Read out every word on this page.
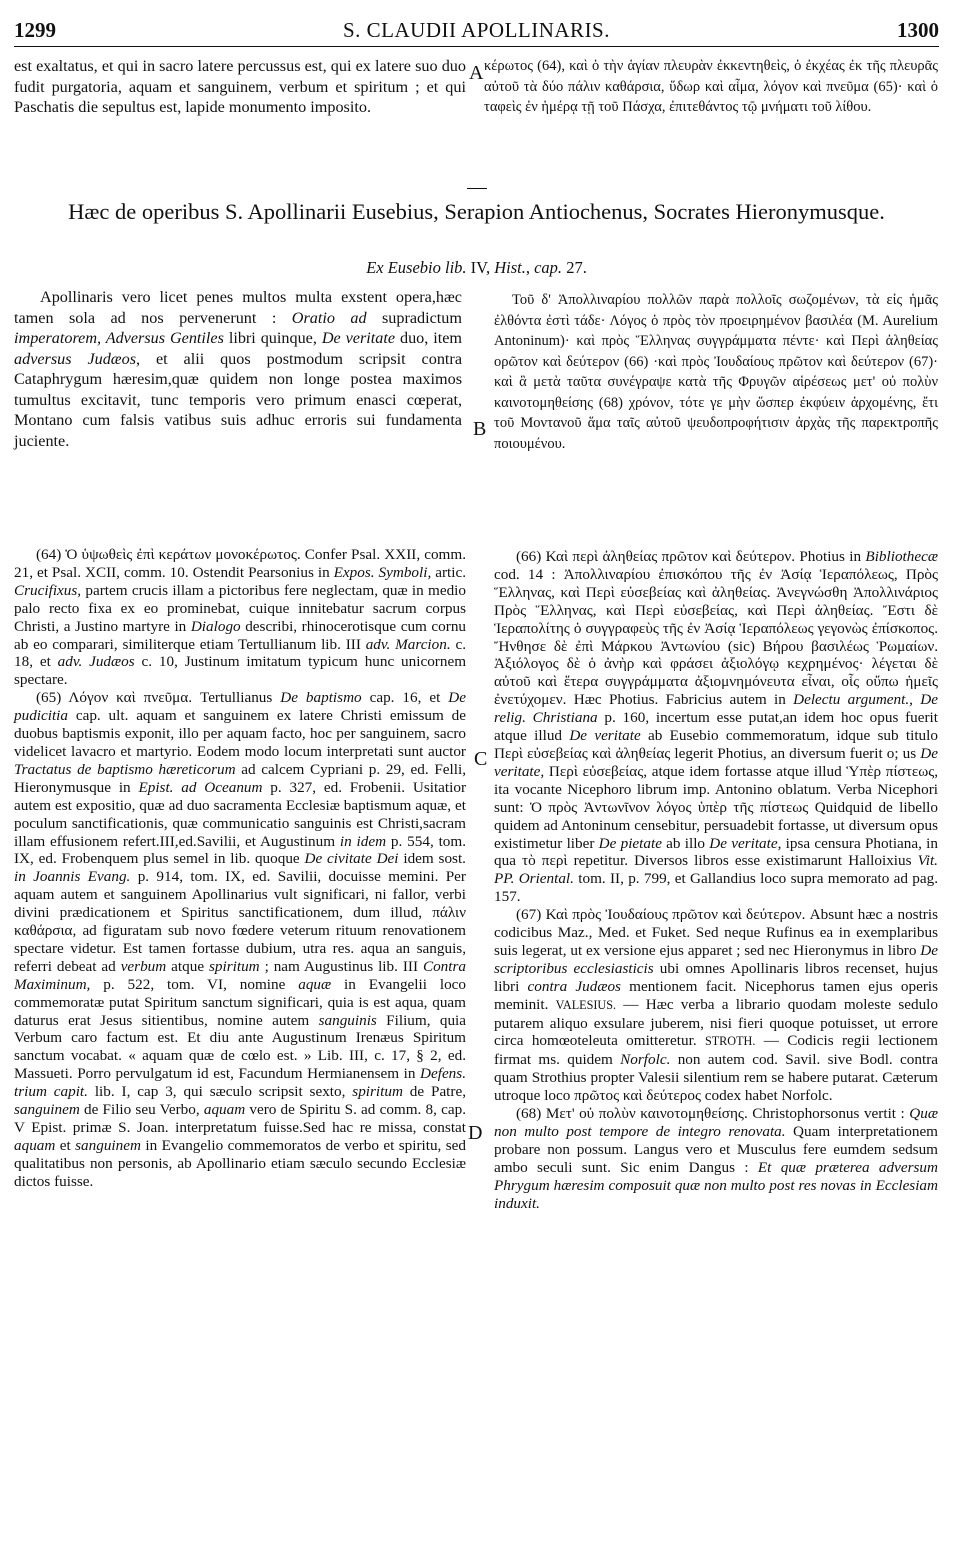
1299	S. CLAUDII APOLLINARIS.	1300

est exaltatus, et qui in sacro latere percussus est, qui ex latere suo duo fudit purgatoria, aquam et sanguinem, verbum et spiritum ; et qui Paschatis die sepultus est, lapide monumento imposito.

κέρωτος (64), καὶ ὁ τὴν ἁγίαν πλευρὰν ἐκκεντηθεὶς, ὁ ἐκχέας ἐκ τῆς πλευρᾶς αὐτοῦ τὰ δύο πάλιν καθάρσια, ὕδωρ καὶ αἷμα, λόγον καὶ πνεῦμα (65)· καὶ ὁ ταφεὶς ἐν ἡμέρᾳ τῇ τοῦ Πάσχα, ἐπιτεθάντος τῷ μνήματι τοῦ λίθου.

Hæc de operibus S. Apollinarii Eusebius, Serapion Antiochenus, Socrates Hieronymusque.
Ex Eusebio lib. IV, Hist., cap. 27.

Apollinaris vero licet penes multos multa exstent opera,hæc tamen sola ad nos pervenerunt : Oratio ad supradictum imperatorem, Adversus Gentiles libri quinque, De veritate duo, item adversus Judæos, et alii quos postmodum scripsit contra Cataphrygum hæresim,quæ quidem non longe postea maximos tumultus excitavit, tunc temporis vero primum enasci cœperat, Montano cum falsis vatibus suis adhuc erroris sui fundamenta juciente.

Τοῦ δ' Ἀπολλιναρίου πολλῶν παρὰ πολλοῖς σωζομένων, τὰ εἰς ἡμᾶς ἐλθόντα ἐστὶ τάδε· Λόγος ὁ πρὸς τὸν προειρημένον βασιλέα (M. Aurelium Antoninum)· καὶ πρὸς Ἕλληνας συγγράμματα πέντε· καὶ Περὶ ἀληθείας ορῶτον καὶ δεύτερον (66) ·καὶ πρὸς Ἰουδαίους πρῶτον καὶ δεύτερον (67)· καὶ ἃ μετὰ ταῦτα συνέγραψε κατὰ τῆς Φρυγῶν αἱρέσεως μετ' οὐ πολὺν καινοτομηθείσης (68) χρόνον, τότε γε μὴν ὥσπερ ἐκφύειν ἀρχομένης, ἔτι τοῦ Μοντανοῦ ἅμα ταῖς αὐτοῦ ψευδοπροφήτισιν ἀρχὰς τῆς παρεκτροπῆς ποιουμένου.

(64) Ὁ ὑψωθεὶς ἐπὶ κεράτων μονοκέρωτος. Confer Psal. XXII, comm. 21, et Psal. XCII, comm. 10. Ostendit Pearsonius in Expos. Symboli, artic. Crucifixus, partem crucis illam a pictoribus fere neglectam, quæ in medio palo recto fixa ex eo prominebat, cuique innitebatur sacrum corpus Christi, a Justino martyre in Dialogo describi, rhinocerotisque cum cornu ab eo comparari, similiterque etiam Tertullianum lib. III adv. Marcion. c. 18, et adv. Judæos c. 10, Justinum imitatum typicum hunc unicornem spectare.

(65) Λόγον καὶ πνεῦμα. Tertullianus De baptismo cap. 16, et De pudicitia cap. ult. aquam et sanguinem ex latere Christi emissum de duobus baptismis exponit, illo per aquam facto, hoc per sanguinem, sacro videlicet lavacro et martyrio. Eodem modo locum interpretati sunt auctor Tractatus de baptismo hæreticorum ad calcem Cypriani p. 29, ed. Felli, Hieronymusque in Epist. ad Oceanum p. 327, ed. Frobenii. Usitatior autem est expositio, quæ ad duo sacramenta Ecclesiæ baptismum aquæ, et poculum sanctificationis, quæ communicatio sanguinis est Christi,sacram illam effusionem refert.III,ed.Savilii, et Augustinum in idem p. 554, tom. IX, ed. Frobenquem plus semel in lib. quoque De civitate Dei idem sost. in Joannis Evang. p. 914, tom. IX, ed. Savilii, docuisse memini. Per aquam autem et sanguinem Apollinarius vult significari, ni fallor, verbi divini prædicationem et Spiritus sanctificationem, dum illud, πάλιν καθάρσια, ad figuratam sub novo fœdere veterum rituum renovationem spectare videtur. Est tamen fortasse dubium, utra res. aqua an sanguis, referri debeat ad verbum atque spiritum ; nam Augustinus lib. III Contra Maximinum, p. 522, tom. VI, nomine aquæ in Evangelii loco commemoratæ putat Spiritum sanctum significari, quia is est aqua, quam daturus erat Jesus sitientibus, nomine autem sanguinis Filium, quia Verbum caro factum est. Et diu ante Augustinum Irenæus Spiritum sanctum vocabat. « aquam quæ de cœlo est. » Lib. III, c. 17, § 2, ed. Massueti. Porro pervulgatum id est, Facundum Hermianensem in Defens. trium capit. lib. I, cap 3, qui sæculo scripsit sexto, spiritum de Patre, sanguinem de Filio seu Verbo, aquam vero de Spiritu S. ad comm. 8, cap. V Epist. primæ S. Joan. interpretatum fuisse.Sed hac re missa, constat aquam et sanguinem in Evangelio commemoratos de verbo et spiritu, sed qualitatibus non personis, ab Apollinario etiam sæculo secundo Ecclesiæ dictos fuisse.

(66) Καὶ περὶ ἀληθείας πρῶτον καὶ δεύτερον. Photius in Bibliothecæ cod. 14 : Ἀπολλιναρίου ἐπισκόπου τῆς ἐν Ἀσίᾳ Ἱεραπόλεως, Πρὸς Ἕλληνας, καὶ Περὶ εὐσεβείας καὶ ἀληθείας. Ἀνεγνώσθη Ἀπολλινάριος Πρὸς Ἕλληνας, καὶ Περὶ εὐσεβείας, καὶ Περὶ ἀληθείας. Ἔστι δὲ Ἱεραπολίτης ὁ συγγραφεὺς τῆς ἐν Ἀσίᾳ Ἱεραπόλεως γεγονὼς ἐπίσκοπος. Ἤνθησε δὲ ἐπὶ Μάρκου Ἀντωνίου (sic) Βήρου βασιλέως Ῥωμαίων. Ἀξιόλογος δὲ ὁ ἀνὴρ καὶ φράσει ἀξιολόγῳ κεχρημένος· λέγεται δὲ αὐτοῦ καὶ ἕτερα συγγράμματα ἀξιομνημόνευτα εἶναι, οἷς οὔπω ἡμεῖς ἐνετύχομεν. Hæc Photius. Fabricius autem in Delectu argument., De relig. Christiana p. 160, incertum esse putat,an idem hoc opus fuerit atque illud De veritate ab Eusebio commemoratum, idque sub titulo Περὶ εὐσεβείας καὶ ἀληθείας legerit Photius, an diversum fuerit ο; us De veritate, Περὶ εὐσεβείας, atque idem fortasse atque illud Ὑπὲρ πίστεως, ita vocante Nicephoro librum imp. Antonino oblatum. Verba Nicephori sunt: Ὁ πρὸς Ἀντωνῖνον λόγος ὑπὲρ τῆς πίστεως Quidquid de libello quidem ad Antoninum censebitur, persuadebit fortasse, ut diversum opus existimetur liber De pietate ab illo De veritate, ipsa censura Photiana, in qua τὸ περὶ repetitur. Diversos libros esse existimarunt Halloixius Vit. PP. Oriental. tom. II, p. 799, et Gallandius loco supra memorato ad pag. 157.

(67) Καὶ πρὸς Ἰουδαίους πρῶτον καὶ δεύτερον. Absunt hæc a nostris codicibus Maz., Med. et Fuket. Sed neque Rufinus ea in exemplaribus suis legerat, ut ex versione ejus apparet ; sed nec Hieronymus in libro De scriptoribus ecclesiasticis ubi omnes Apollinaris libros recenset, hujus libri contra Judæos mentionem facit. Nicephorus tamen ejus operis meminit. VALESIUS. — Hæc verba a librario quodam moleste sedulo putarem aliquo exsulare juberem, nisi fieri quoque potuisset, ut errore circa homœoteleuta omitteretur. STROTH. — Codicis regii lectionem firmat ms. quidem Norfolc. non autem cod. Savil. sive Bodl. contra quam Strothius propter Valesii silentium rem se habere putarat. Cæterum utroque loco πρῶτος καὶ δεύτερος codex habet Norfolc.

(68) Μετ' οὐ πολὺν καινοτομηθείσης. Christophorsonus vertit : Quæ non multo post tempore de integro renovata. Quam interpretationem probare non possum. Langus vero et Musculus fere eumdem sedsum ambo seculi sunt. Sic enim Dangus : Et quæ præterea adversum Phrygum hæresim composuit quæ non multo post res novas in Ecclesiam induxit.

A
B
C
D
